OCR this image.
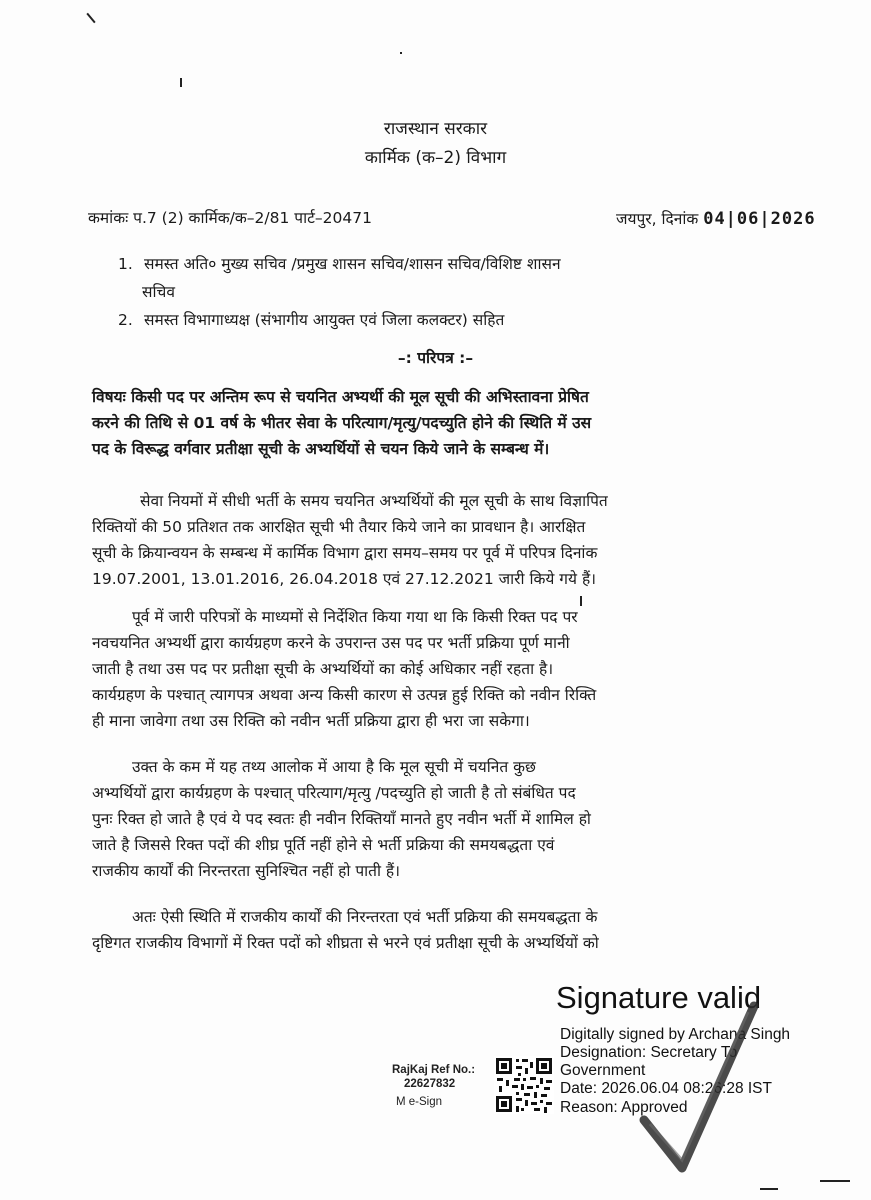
राजस्थान सरकार
कार्मिक (क–2) विभाग
कमांकः प.7 (2) कार्मिक/क–2/81 पार्ट–20471	जयपुर, दिनांक 04|06|2026
1. समस्त अति० मुख्य सचिव /प्रमुख शासन सचिव/शासन सचिव/विशिष्ट शासन
सचिव
2. समस्त विभागाध्यक्ष (संभागीय आयुक्त एवं जिला कलक्टर) सहित
–: परिपत्र :–
विषयः किसी पद पर अन्तिम रूप से चयनित अभ्यर्थी की मूल सूची की अभिस्तावना प्रेषित
करने की तिथि से 01 वर्ष के भीतर सेवा के परित्याग/मृत्यु/पदच्युति होने की स्थिति में उस
पद के विरूद्ध वर्गवार प्रतीक्षा सूची के अभ्यर्थियों से चयन किये जाने के सम्बन्ध में।
सेवा नियमों में सीधी भर्ती के समय चयनित अभ्यर्थियों की मूल सूची के साथ विज्ञापित
रिक्तियों की 50 प्रतिशत तक आरक्षित सूची भी तैयार किये जाने का प्रावधान है। आरक्षित
सूची के क्रियान्वयन के सम्बन्ध में कार्मिक विभाग द्वारा समय–समय पर पूर्व में परिपत्र दिनांक
19.07.2001, 13.01.2016, 26.04.2018 एवं 27.12.2021 जारी किये गये हैं।
पूर्व में जारी परिपत्रों के माध्यमों से निर्देशित किया गया था कि किसी रिक्त पद पर
नवचयनित अभ्यर्थी द्वारा कार्यग्रहण करने के उपरान्त उस पद पर भर्ती प्रक्रिया पूर्ण मानी
जाती है तथा उस पद पर प्रतीक्षा सूची के अभ्यर्थियों का कोई अधिकार नहीं रहता है।
कार्यग्रहण के पश्चात् त्यागपत्र अथवा अन्य किसी कारण से उत्पन्न हुई रिक्ति को नवीन रिक्ति
ही माना जावेगा तथा उस रिक्ति को नवीन भर्ती प्रक्रिया द्वारा ही भरा जा सकेगा।
उक्त के कम में यह तथ्य आलोक में आया है कि मूल सूची में चयनित कुछ
अभ्यर्थियों द्वारा कार्यग्रहण के पश्चात् परित्याग/मृत्यु /पदच्युति हो जाती है तो संबंधित पद
पुनः रिक्त हो जाते है एवं ये पद स्वतः ही नवीन रिक्तियाँ मानते हुए नवीन भर्ती में शामिल हो
जाते है जिससे रिक्त पदों की शीघ्र पूर्ति नहीं होने से भर्ती प्रक्रिया की समयबद्धता एवं
राजकीय कार्यों की निरन्तरता सुनिश्चित नहीं हो पाती हैं।
अतः ऐसी स्थिति में राजकीय कार्यों की निरन्तरता एवं भर्ती प्रक्रिया की समयबद्धता के
दृष्टिगत राजकीय विभागों में रिक्त पदों को शीघ्रता से भरने एवं प्रतीक्षा सूची के अभ्यर्थियों को
RajKaj Ref No.:
22627832
M e-Sign
Signature valid
Digitally signed by Archana Singh
Designation: Secretary To
Government
Date: 2026.06.04 08:26:28 IST
Reason: Approved
